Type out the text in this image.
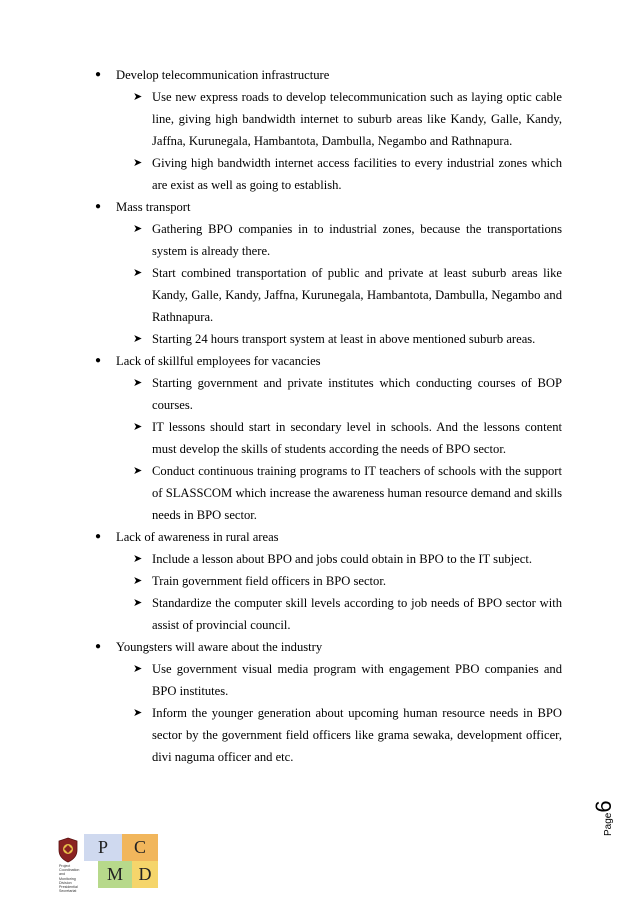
● Develop telecommunication infrastructure
➤ Use new express roads to develop telecommunication such as laying optic cable line, giving high bandwidth internet to suburb areas like Kandy, Galle, Kandy, Jaffna, Kurunegala, Hambantota, Dambulla, Negambo and Rathnapura.
➤ Giving high bandwidth internet access facilities to every industrial zones which are exist as well as going to establish.
● Mass transport
➤ Gathering BPO companies in to industrial zones, because the transportations system is already there.
➤ Start combined transportation of public and private at least suburb areas like Kandy, Galle, Kandy, Jaffna, Kurunegala, Hambantota, Dambulla, Negambo and Rathnapura.
➤ Starting 24 hours transport system at least in above mentioned suburb areas.
● Lack of skillful employees for vacancies
➤ Starting government and private institutes which conducting courses of BOP courses.
➤ IT lessons should start in secondary level in schools. And the lessons content must develop the skills of students according the needs of BPO sector.
➤ Conduct continuous training programs to IT teachers of schools with the support of SLASSCOM which increase the awareness human resource demand and skills needs in BPO sector.
● Lack of awareness in rural areas
➤ Include a lesson about BPO and jobs could obtain in BPO to the IT subject.
➤ Train government field officers in BPO sector.
➤ Standardize the computer skill levels according to job needs of BPO sector with assist of provincial council.
● Youngsters will aware about the industry
➤ Use government visual media program with engagement PBO companies and BPO institutes.
➤ Inform the younger generation about upcoming human resource needs in BPO sector by the government field officers like grama sewaka, development officer, divi naguma officer and etc.
Page6
Project
Coordination
and
Monitoring
Division
Presidential Secretariat
P	C
M D
